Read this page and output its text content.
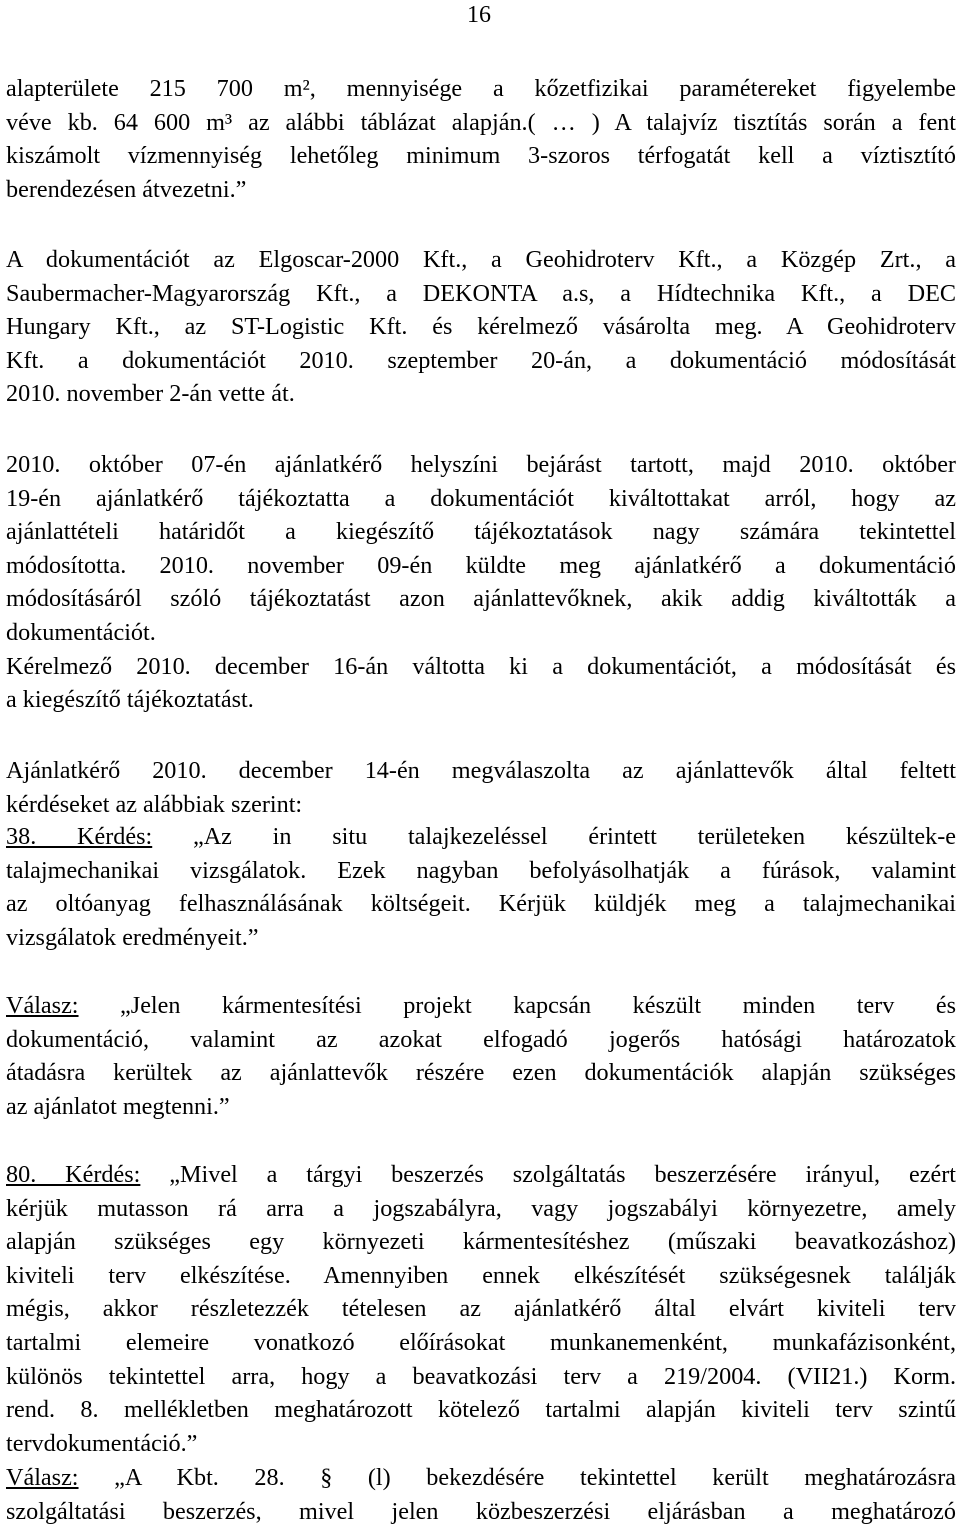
16
alapterülete 215 700 m², mennyisége a kőzetfizikai paramétereket figyelembe
véve kb. 64 600 m³ az alábbi táblázat alapján.( … ) A talajvíz tisztítás során a fent
kiszámolt vízmennyiség lehetőleg minimum 3-szoros térfogatát kell a víztisztító
berendezésen átvezetni.”
A dokumentációt az Elgoscar-2000 Kft., a Geohidroterv Kft., a Közgép Zrt., a
Saubermacher-Magyarország Kft., a DEKONTA a.s, a Hídtechnika Kft., a DEC
Hungary Kft., az ST-Logistic Kft. és kérelmező vásárolta meg. A Geohidroterv
Kft. a dokumentációt 2010. szeptember 20-án, a dokumentáció módosítását
2010. november 2-án vette át.
2010. október 07-én ajánlatkérő helyszíni bejárást tartott, majd 2010. október
19-én ajánlatkérő tájékoztatta a dokumentációt kiváltottakat arról, hogy az
ajánlattételi határidőt a kiegészítő tájékoztatások nagy számára tekintettel
módosította. 2010. november 09-én küldte meg ajánlatkérő a dokumentáció
módosításáról szóló tájékoztatást azon ajánlattevőknek, akik addig kiváltották a
dokumentációt.
Kérelmező 2010. december 16-án váltotta ki a dokumentációt, a módosítását és
a kiegészítő tájékoztatást.
Ajánlatkérő 2010. december 14-én megválaszolta az ajánlattevők által feltett
kérdéseket az alábbiak szerint:
38. Kérdés: „Az in situ talajkezeléssel érintett területeken készültek-e
talajmechanikai vizsgálatok. Ezek nagyban befolyásolhatják a fúrások, valamint
az oltóanyag felhasználásának költségeit. Kérjük küldjék meg a talajmechanikai
vizsgálatok eredményeit.”
Válasz: „Jelen kármentesítési projekt kapcsán készült minden terv és
dokumentáció, valamint az azokat elfogadó jogerős hatósági határozatok
átadásra kerültek az ajánlattevők részére ezen dokumentációk alapján szükséges
az ajánlatot megtenni.”
80. Kérdés: „Mivel a tárgyi beszerzés szolgáltatás beszerzésére irányul, ezért
kérjük mutasson rá arra a jogszabályra, vagy jogszabályi környezetre, amely
alapján szükséges egy környezeti kármentesítéshez (műszaki beavatkozáshoz)
kiviteli terv elkészítése. Amennyiben ennek elkészítését szükségesnek találják
mégis, akkor részletezzék tételesen az ajánlatkérő által elvárt kiviteli terv
tartalmi elemeire vonatkozó előírásokat munkanemenként, munkafázisonként,
különös tekintettel arra, hogy a beavatkozási terv a 219/2004. (VII21.) Korm.
rend. 8. mellékletben meghatározott kötelező tartalmi alapján kiviteli terv szintű
tervdokumentáció.”
Válasz: „A Kbt. 28. § (l) bekezdésére tekintettel került meghatározásra
szolgáltatási beszerzés, mivel jelen közbeszerzési eljárásban a meghatározó
